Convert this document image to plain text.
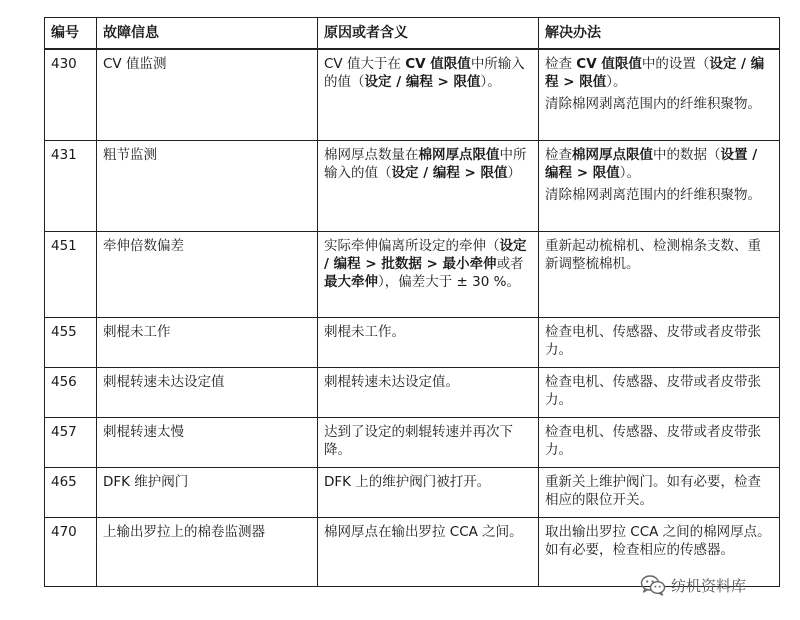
编号	故障信息	原因或者含义	解决办法
430	CV 值监测	CV 值大于在 CV 值限值中所输入的值（设定 / 编程 > 限值）。	检查 CV 值限值中的设置（设定 / 编程 > 限值）。
清除棉网剥离范围内的纤维积聚物。

431	粗节监测	棉网厚点数量在棉网厚点限值中所输入的值（设定 / 编程 > 限值）	检查棉网厚点限值中的数据（设置 / 编程 > 限值）。
清除棉网剥离范围内的纤维积聚物。

451	牵伸倍数偏差	实际牵伸偏离所设定的牵伸（设定 / 编程 > 批数据 > 最小牵伸或者最大牵伸），偏差大于 ± 30 %。	重新起动梳棉机、检测棉条支数、重新调整梳棉机。

455	刺棍未工作	刺棍未工作。	检查电机、传感器、皮带或者皮带张力。

456	刺棍转速未达设定值	刺棍转速未达设定值。	检查电机、传感器、皮带或者皮带张力。

457	刺棍转速太慢	达到了设定的刺辊转速并再次下降。	检查电机、传感器、皮带或者皮带张力。

465	DFK 维护阀门	DFK 上的维护阀门被打开。	重新关上维护阀门。如有必要，检查相应的限位开关。

470	上输出罗拉上的棉卷监测器	棉网厚点在输出罗拉 CCA 之间。	取出输出罗拉 CCA 之间的棉网厚点。如有必要，检查相应的传感器。
纺机资料库
